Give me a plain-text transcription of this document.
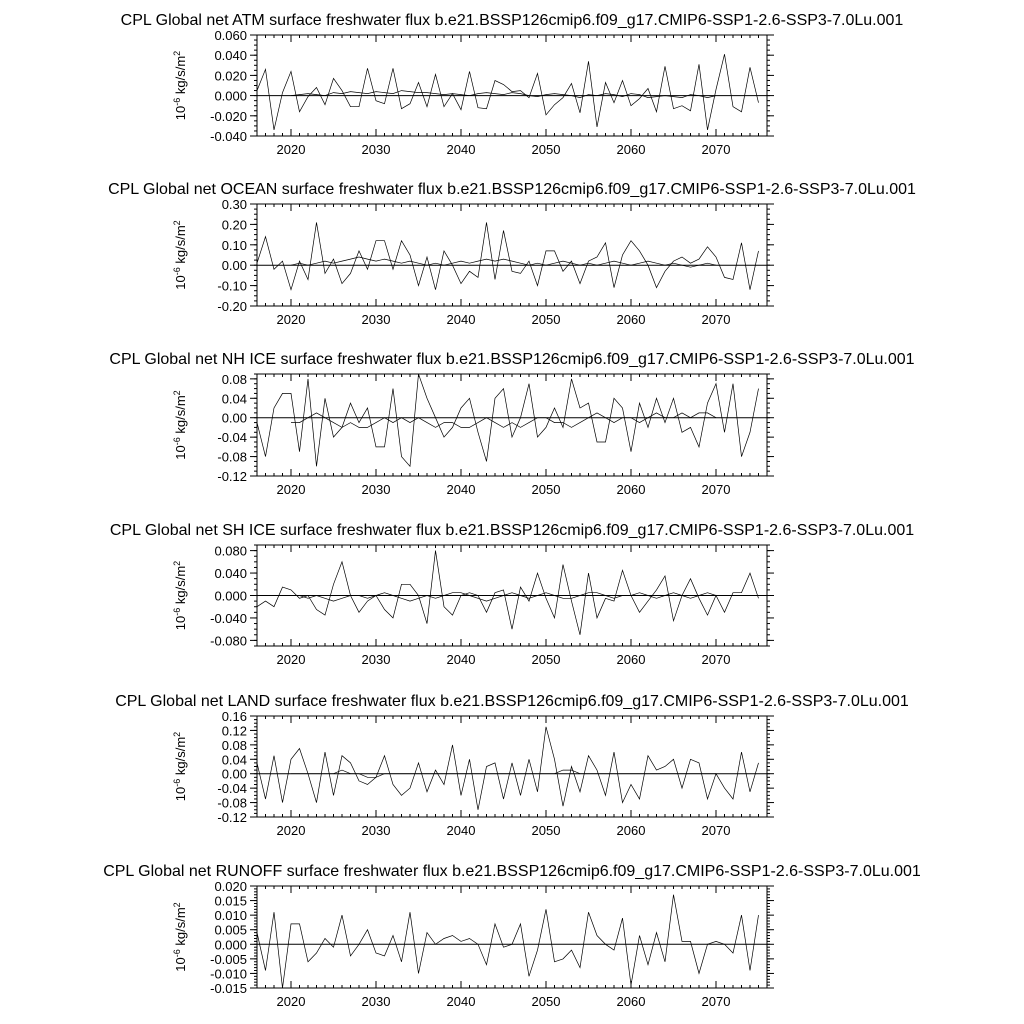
CPL Global net ATM surface freshwater flux b.e21.BSSP126cmip6.f09_g17.CMIP6-SSP1-2.6-SSP3-7.0Lu.001
2020	2030	2040	2050	2060	2070
-0.040
-0.020
0.000
0.020
0.040
0.060
$10^{-6}$ $kg/s/m^2$
CPL Global net OCEAN surface freshwater flux b.e21.BSSP126cmip6.f09_g17.CMIP6-SSP1-2.6-SSP3-7.0Lu.001
2020	2030	2040	2050	2060	2070
-0.20
-0.10
0.00
0.10
0.20
0.30
$10^{-6}$ $kg/s/m^2$
CPL Global net NH ICE surface freshwater flux b.e21.BSSP126cmip6.f09_g17.CMIP6-SSP1-2.6-SSP3-7.0Lu.001
2020	2030	2040	2050	2060	2070
-0.12
-0.08
-0.04
0.00
0.04
0.08
$10^{-6}$ $kg/s/m^2$
CPL Global net SH ICE surface freshwater flux b.e21.BSSP126cmip6.f09_g17.CMIP6-SSP1-2.6-SSP3-7.0Lu.001
2020	2030	2040	2050	2060	2070
-0.080
-0.040
0.000
0.040
0.080
$10^{-6}$ $kg/s/m^2$
CPL Global net LAND surface freshwater flux b.e21.BSSP126cmip6.f09_g17.CMIP6-SSP1-2.6-SSP3-7.0Lu.001
2020	2030	2040	2050	2060	2070
-0.12
-0.08
-0.04
0.00
0.04
0.08
0.12
0.16
$10^{-6}$ $kg/s/m^2$
CPL Global net RUNOFF surface freshwater flux b.e21.BSSP126cmip6.f09_g17.CMIP6-SSP1-2.6-SSP3-7.0Lu.001
2020	2030	2040	2050	2060	2070
-0.015
-0.010
-0.005
0.000
0.005
0.010
0.015
0.020
$10^{-6}$ $kg/s/m^2$
